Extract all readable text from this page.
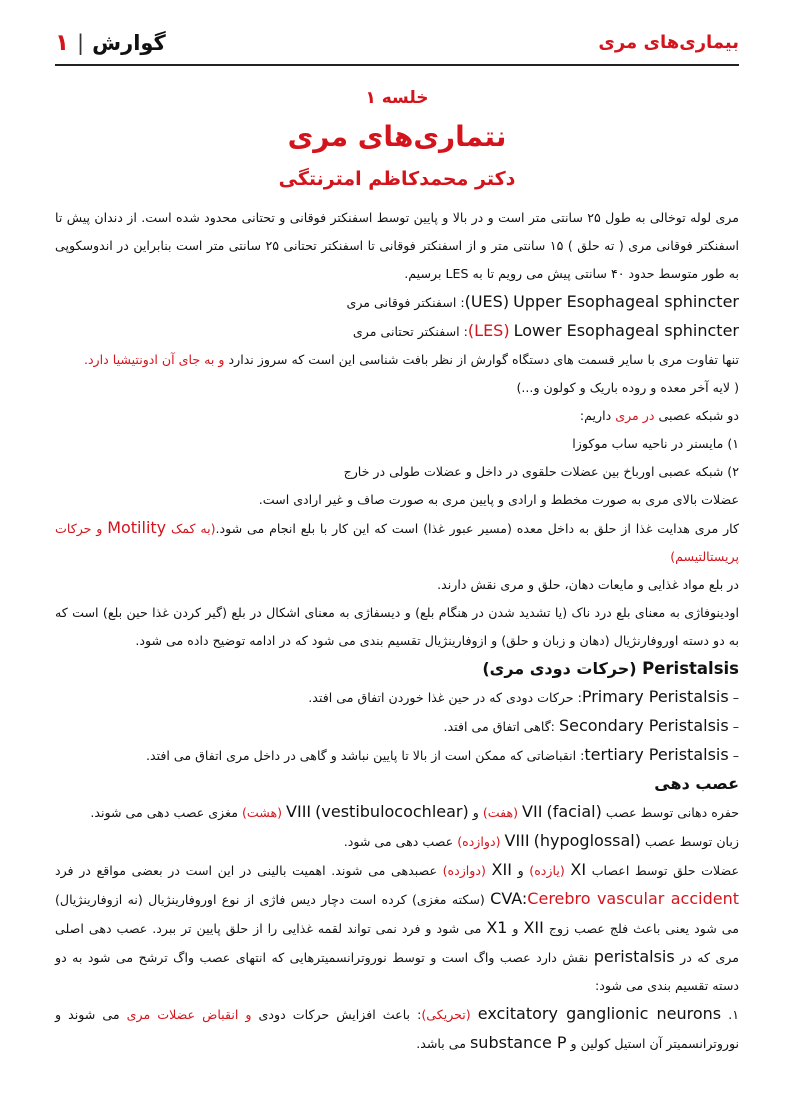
۱ | گوارش	بیماری‌های مری
خلسه ۱
نتماری‌های مری
دکتر محمدکاظم امترنتگی

مری لوله توخالی به طول ۲۵ سانتی متر است و در بالا و پایین توسط اسفنکتر فوقانی و تحتانی محدود شده است. از دندان پیش تا اسفنکتر فوقانی مری ( ته حلق ) ۱۵ سانتی متر و از اسفنکتر فوقانی تا اسفنکتر تحتانی ۲۵ سانتی متر است بنابراین در اندوسکوپی به طور متوسط حدود ۴۰ سانتی پیش می رویم تا به LES برسیم.

(UES) Upper Esophageal sphincter: اسفنکتر فوقانی مری

(LES) Lower Esophageal sphincter: اسفنکتر تحتانی مری

تنها تفاوت مری با سایر قسمت های دستگاه گوارش از نظر بافت شناسی این است که سروز ندارد و به جای آن ادونتیشیا دارد.

( لایه آخر معده و روده باریک و کولون و...)

دو شبکه عصبی در مری داریم:

۱) مایسنر در ناحیه ساب موکوزا

۲) شبکه عصبی اورباخ بین عضلات حلقوی در داخل و عضلات طولی در خارج

عضلات بالای مری به صورت مخطط و ارادی و پایین مری به صورت صاف و غیر ارادی است.

کار مری هدایت غذا از حلق به داخل معده (مسیر عبور غذا) است که این کار با بلع انجام می شود.(به کمک Motility و حرکات پریستالتیسم)

در بلع مواد غذایی و مایعات دهان، حلق و مری نقش دارند.

اودینوفاژی به معنای بلع درد ناک (یا تشدید شدن در هنگام بلع) و دیسفاژی به معنای اشکال در بلع (گیر کردن غذا حین بلع) است که به دو دسته اوروفارنژیال (دهان و زبان و حلق) و ازوفارینژیال تقسیم بندی می شود که در ادامه توضیح داده می شود.

Peristalsis (حرکات دودی مری)

– Primary Peristalsis: حرکات دودی که در حین غذا خوردن اتفاق می افتد.

– Secondary Peristalsis :گاهی اتفاق می افتد.

– tertiary Peristalsis: انقباضاتی که ممکن است از بالا تا پایین نباشد و گاهی در داخل مری اتفاق می افتد.

عصب دهی

حفره دهانی توسط عصب VII (facial) (هفت) و VIII (vestibulocochlear) (هشت) مغزی عصب دهی می شوند.

زبان توسط عصب VIII (hypoglossal) (دوازده) عصب دهی می شود.

عضلات حلق توسط اعصاب XI (یازده) و XII (دوازده) عصبدهی می شوند. اهمیت بالینی در این است در بعضی مواقع در فرد CVA:Cerebro vascular accident (سکته مغزی) کرده است دچار دیس فاژی از نوع اوروفارینژیال (نه ازوفارینژیال) می شود یعنی باعث فلج عصب زوج XII و X1 می شود و فرد نمی تواند لقمه غذایی را از حلق پایین تر ببرد. عصب دهی اصلی مری که در peristalsis نقش دارد عصب واگ است و توسط نوروترانسمیترهایی که انتهای عصب واگ ترشح می شود به دو دسته تقسیم بندی می شود:

۱. excitatory ganglionic neurons (تحریکی): باعث افزایش حرکات دودی و انقباض عضلات مری می شوند و نوروترانسمیتر آن استیل کولین و substance P می باشد.
